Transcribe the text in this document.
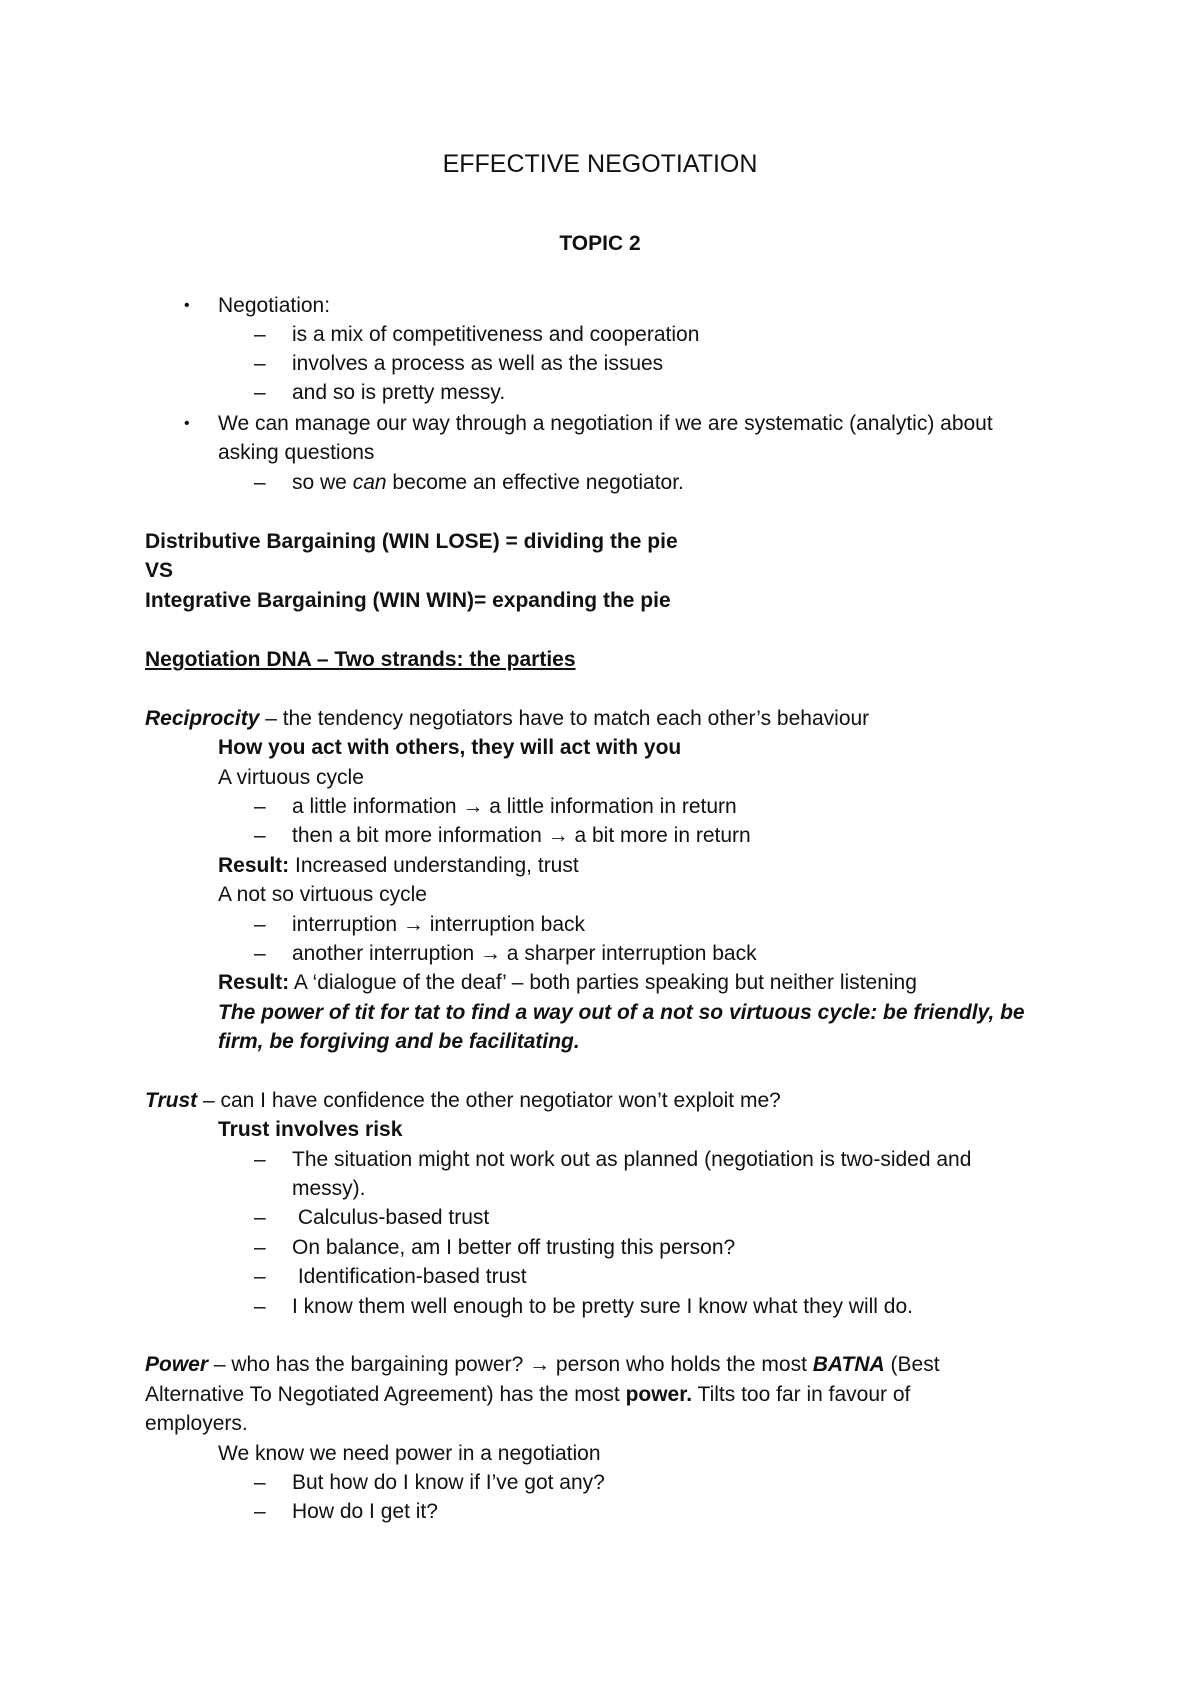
EFFECTIVE NEGOTIATION
TOPIC 2
• Negotiation:
– is a mix of competitiveness and cooperation
– involves a process as well as the issues
– and so is pretty messy.
• We can manage our way through a negotiation if we are systematic (analytic) about
asking questions
– so we can become an effective negotiator.
Distributive Bargaining (WIN LOSE) = dividing the pie
VS
Integrative Bargaining (WIN WIN)= expanding the pie
Negotiation DNA – Two strands: the parties
Reciprocity – the tendency negotiators have to match each other’s behaviour
How you act with others, they will act with you
A virtuous cycle
– a little information → a little information in return
– then a bit more information → a bit more in return
Result: Increased understanding, trust
A not so virtuous cycle
– interruption → interruption back
– another interruption → a sharper interruption back
Result: A ‘dialogue of the deaf’ – both parties speaking but neither listening
The power of tit for tat to find a way out of a not so virtuous cycle: be friendly, be
firm, be forgiving and be facilitating.
Trust – can I have confidence the other negotiator won’t exploit me?
Trust involves risk
– The situation might not work out as planned (negotiation is two-sided and
messy).
– Calculus-based trust
– On balance, am I better off trusting this person?
– Identification-based trust
– I know them well enough to be pretty sure I know what they will do.
Power – who has the bargaining power? → person who holds the most BATNA (Best
Alternative To Negotiated Agreement) has the most power. Tilts too far in favour of
employers.
We know we need power in a negotiation
– But how do I know if I’ve got any?
– How do I get it?
